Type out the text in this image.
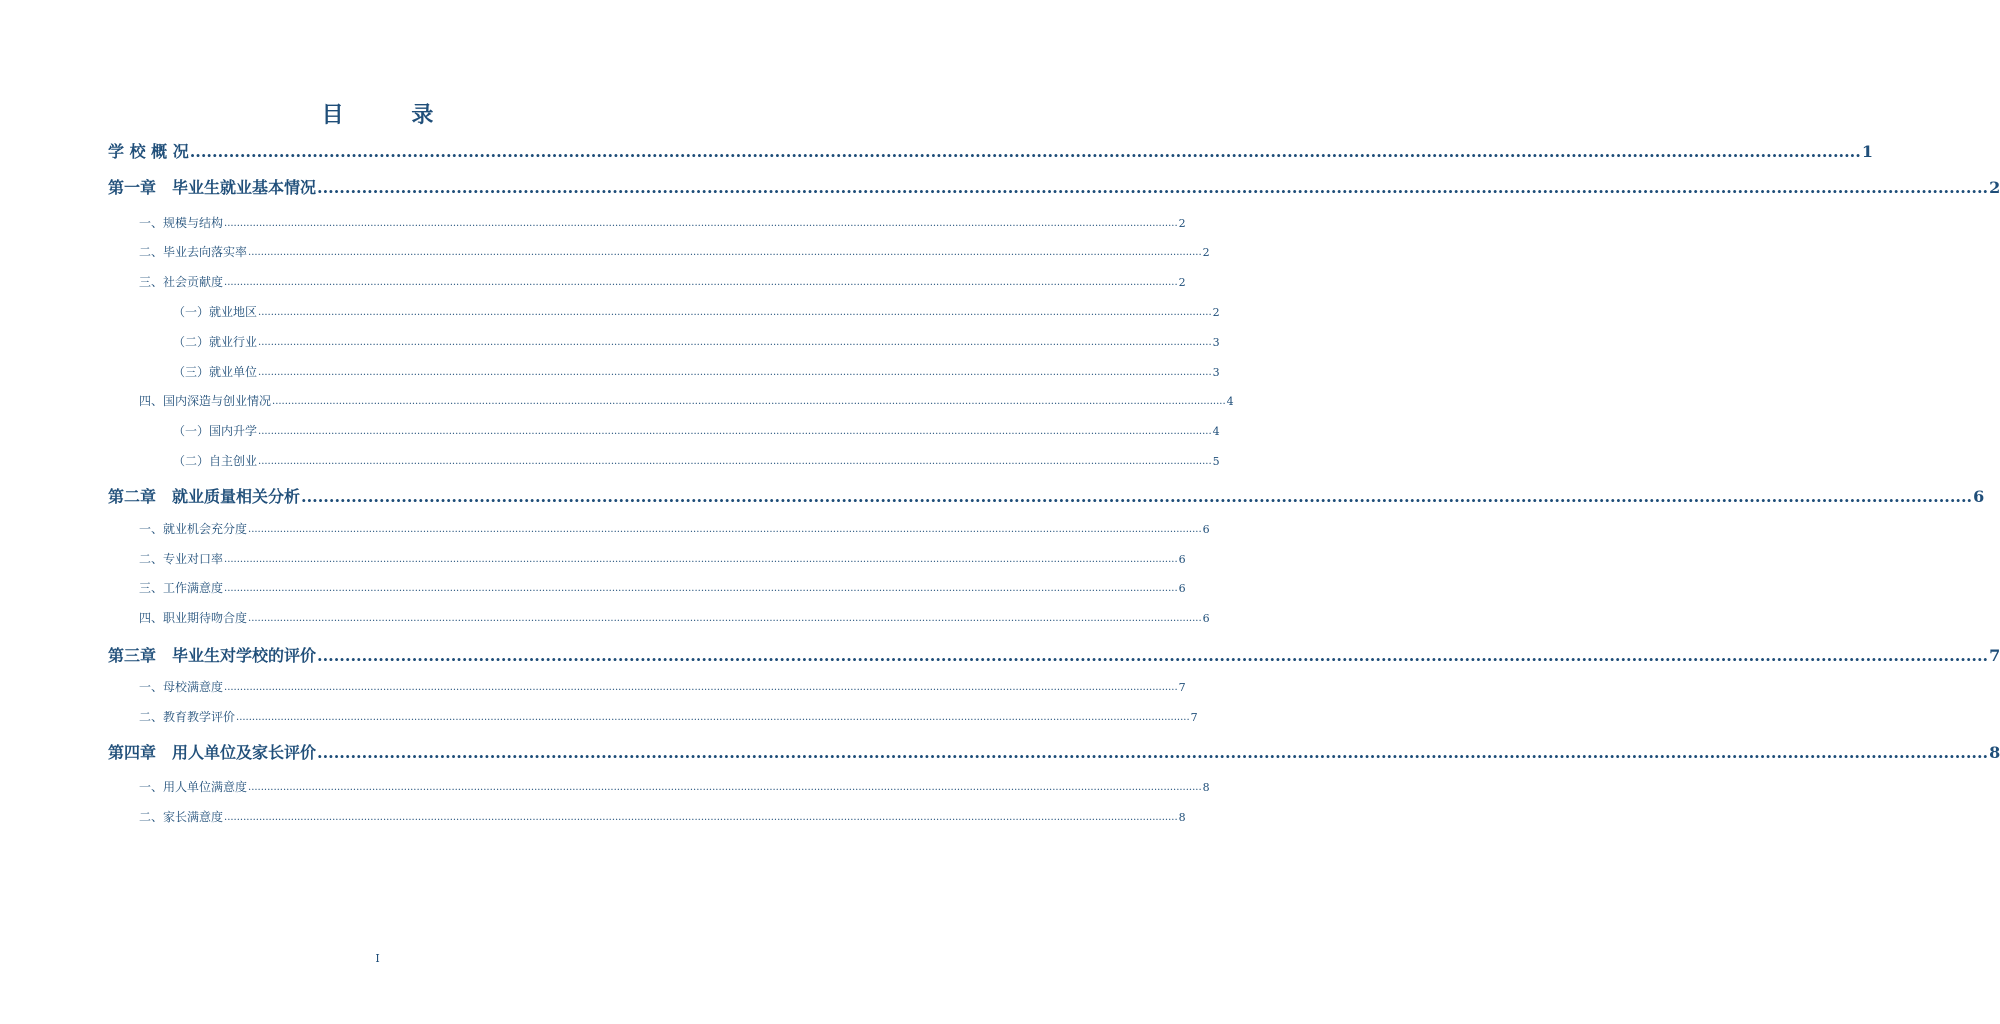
目 录
学 校 概 况 ............................................................................................................................................................................................................................................................................................................ 1
第一章　毕业生就业基本情况 ............................................................................................................................................................................................................................................................................................................ 2
一、规模与结构 ............................................................................................................................................................................................................................................................................................................ 2
二、毕业去向落实率 ............................................................................................................................................................................................................................................................................................................ 2
三、社会贡献度 ............................................................................................................................................................................................................................................................................................................ 2
（一）就业地区 ............................................................................................................................................................................................................................................................................................................ 2
（二）就业行业 ............................................................................................................................................................................................................................................................................................................ 3
（三）就业单位 ............................................................................................................................................................................................................................................................................................................ 3
四、国内深造与创业情况 ............................................................................................................................................................................................................................................................................................................ 4
（一）国内升学 ............................................................................................................................................................................................................................................................................................................ 4
（二）自主创业 ............................................................................................................................................................................................................................................................................................................ 5
第二章　就业质量相关分析 ............................................................................................................................................................................................................................................................................................................ 6
一、就业机会充分度 ............................................................................................................................................................................................................................................................................................................ 6
二、专业对口率 ............................................................................................................................................................................................................................................................................................................ 6
三、工作满意度 ............................................................................................................................................................................................................................................................................................................ 6
四、职业期待吻合度 ............................................................................................................................................................................................................................................................................................................ 6
第三章　毕业生对学校的评价 ............................................................................................................................................................................................................................................................................................................ 7
一、母校满意度 ............................................................................................................................................................................................................................................................................................................ 7
二、教育教学评价 ............................................................................................................................................................................................................................................................................................................ 7
第四章　用人单位及家长评价 ............................................................................................................................................................................................................................................................................................................ 8
一、用人单位满意度 ............................................................................................................................................................................................................................................................................................................ 8
二、家长满意度 ............................................................................................................................................................................................................................................................................................................ 8
I
